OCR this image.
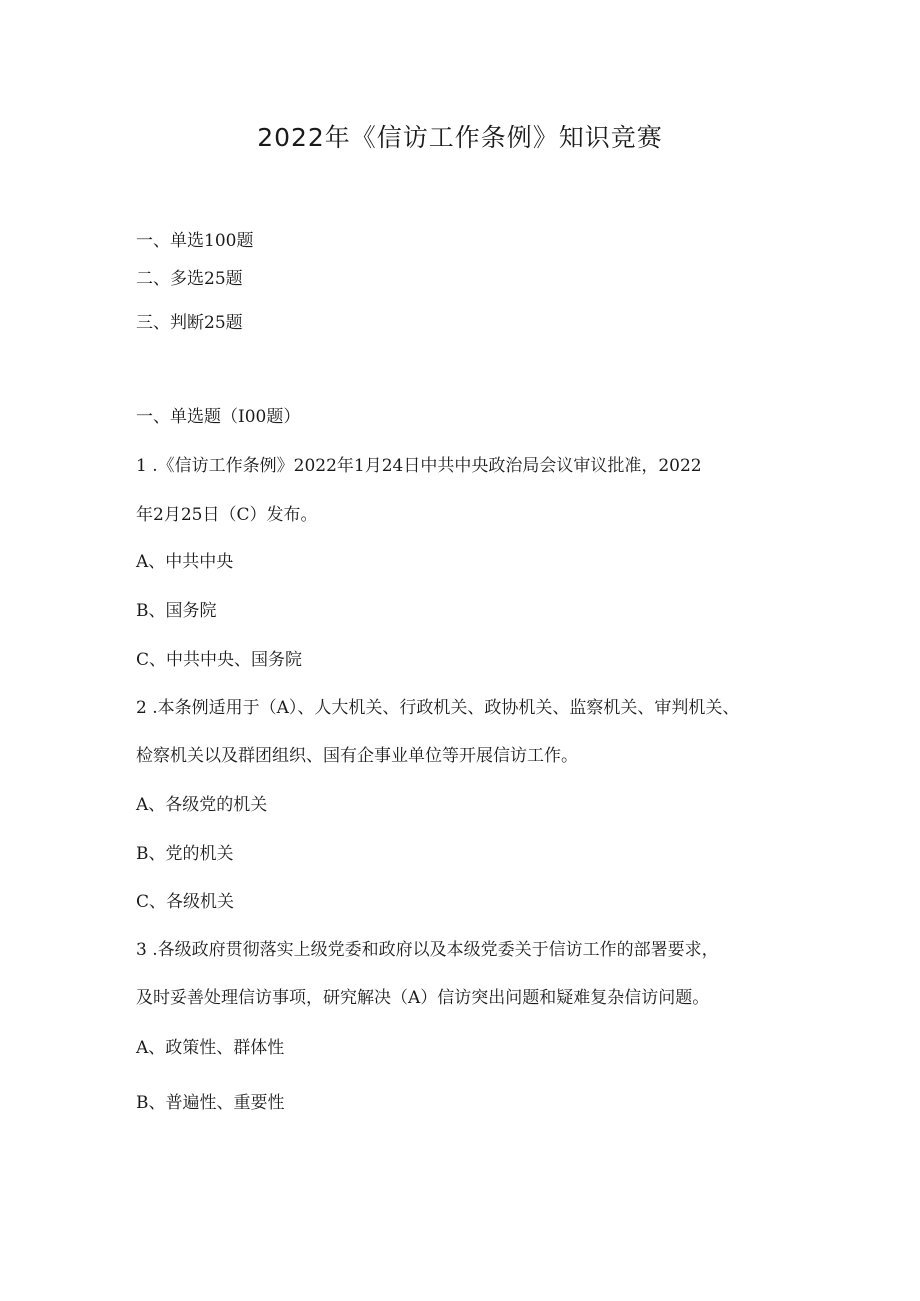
2022年《信访工作条例》知识竞赛
一、单选100题
二、多选25题
三、判断25题
一、单选题（I00题）
1 .《信访工作条例》2022年1月24日中共中央政治局会议审议批准，2022
年2月25日（C）发布。
A、中共中央
B、国务院
C、中共中央、国务院
2 .本条例适用于（A）、人大机关、行政机关、政协机关、监察机关、审判机关、
检察机关以及群团组织、国有企事业单位等开展信访工作。
A、各级党的机关
B、党的机关
C、各级机关
3 .各级政府贯彻落实上级党委和政府以及本级党委关于信访工作的部署要求，
及时妥善处理信访事项，研究解决（A）信访突出问题和疑难复杂信访问题。
A、政策性、群体性
B、普遍性、重要性
